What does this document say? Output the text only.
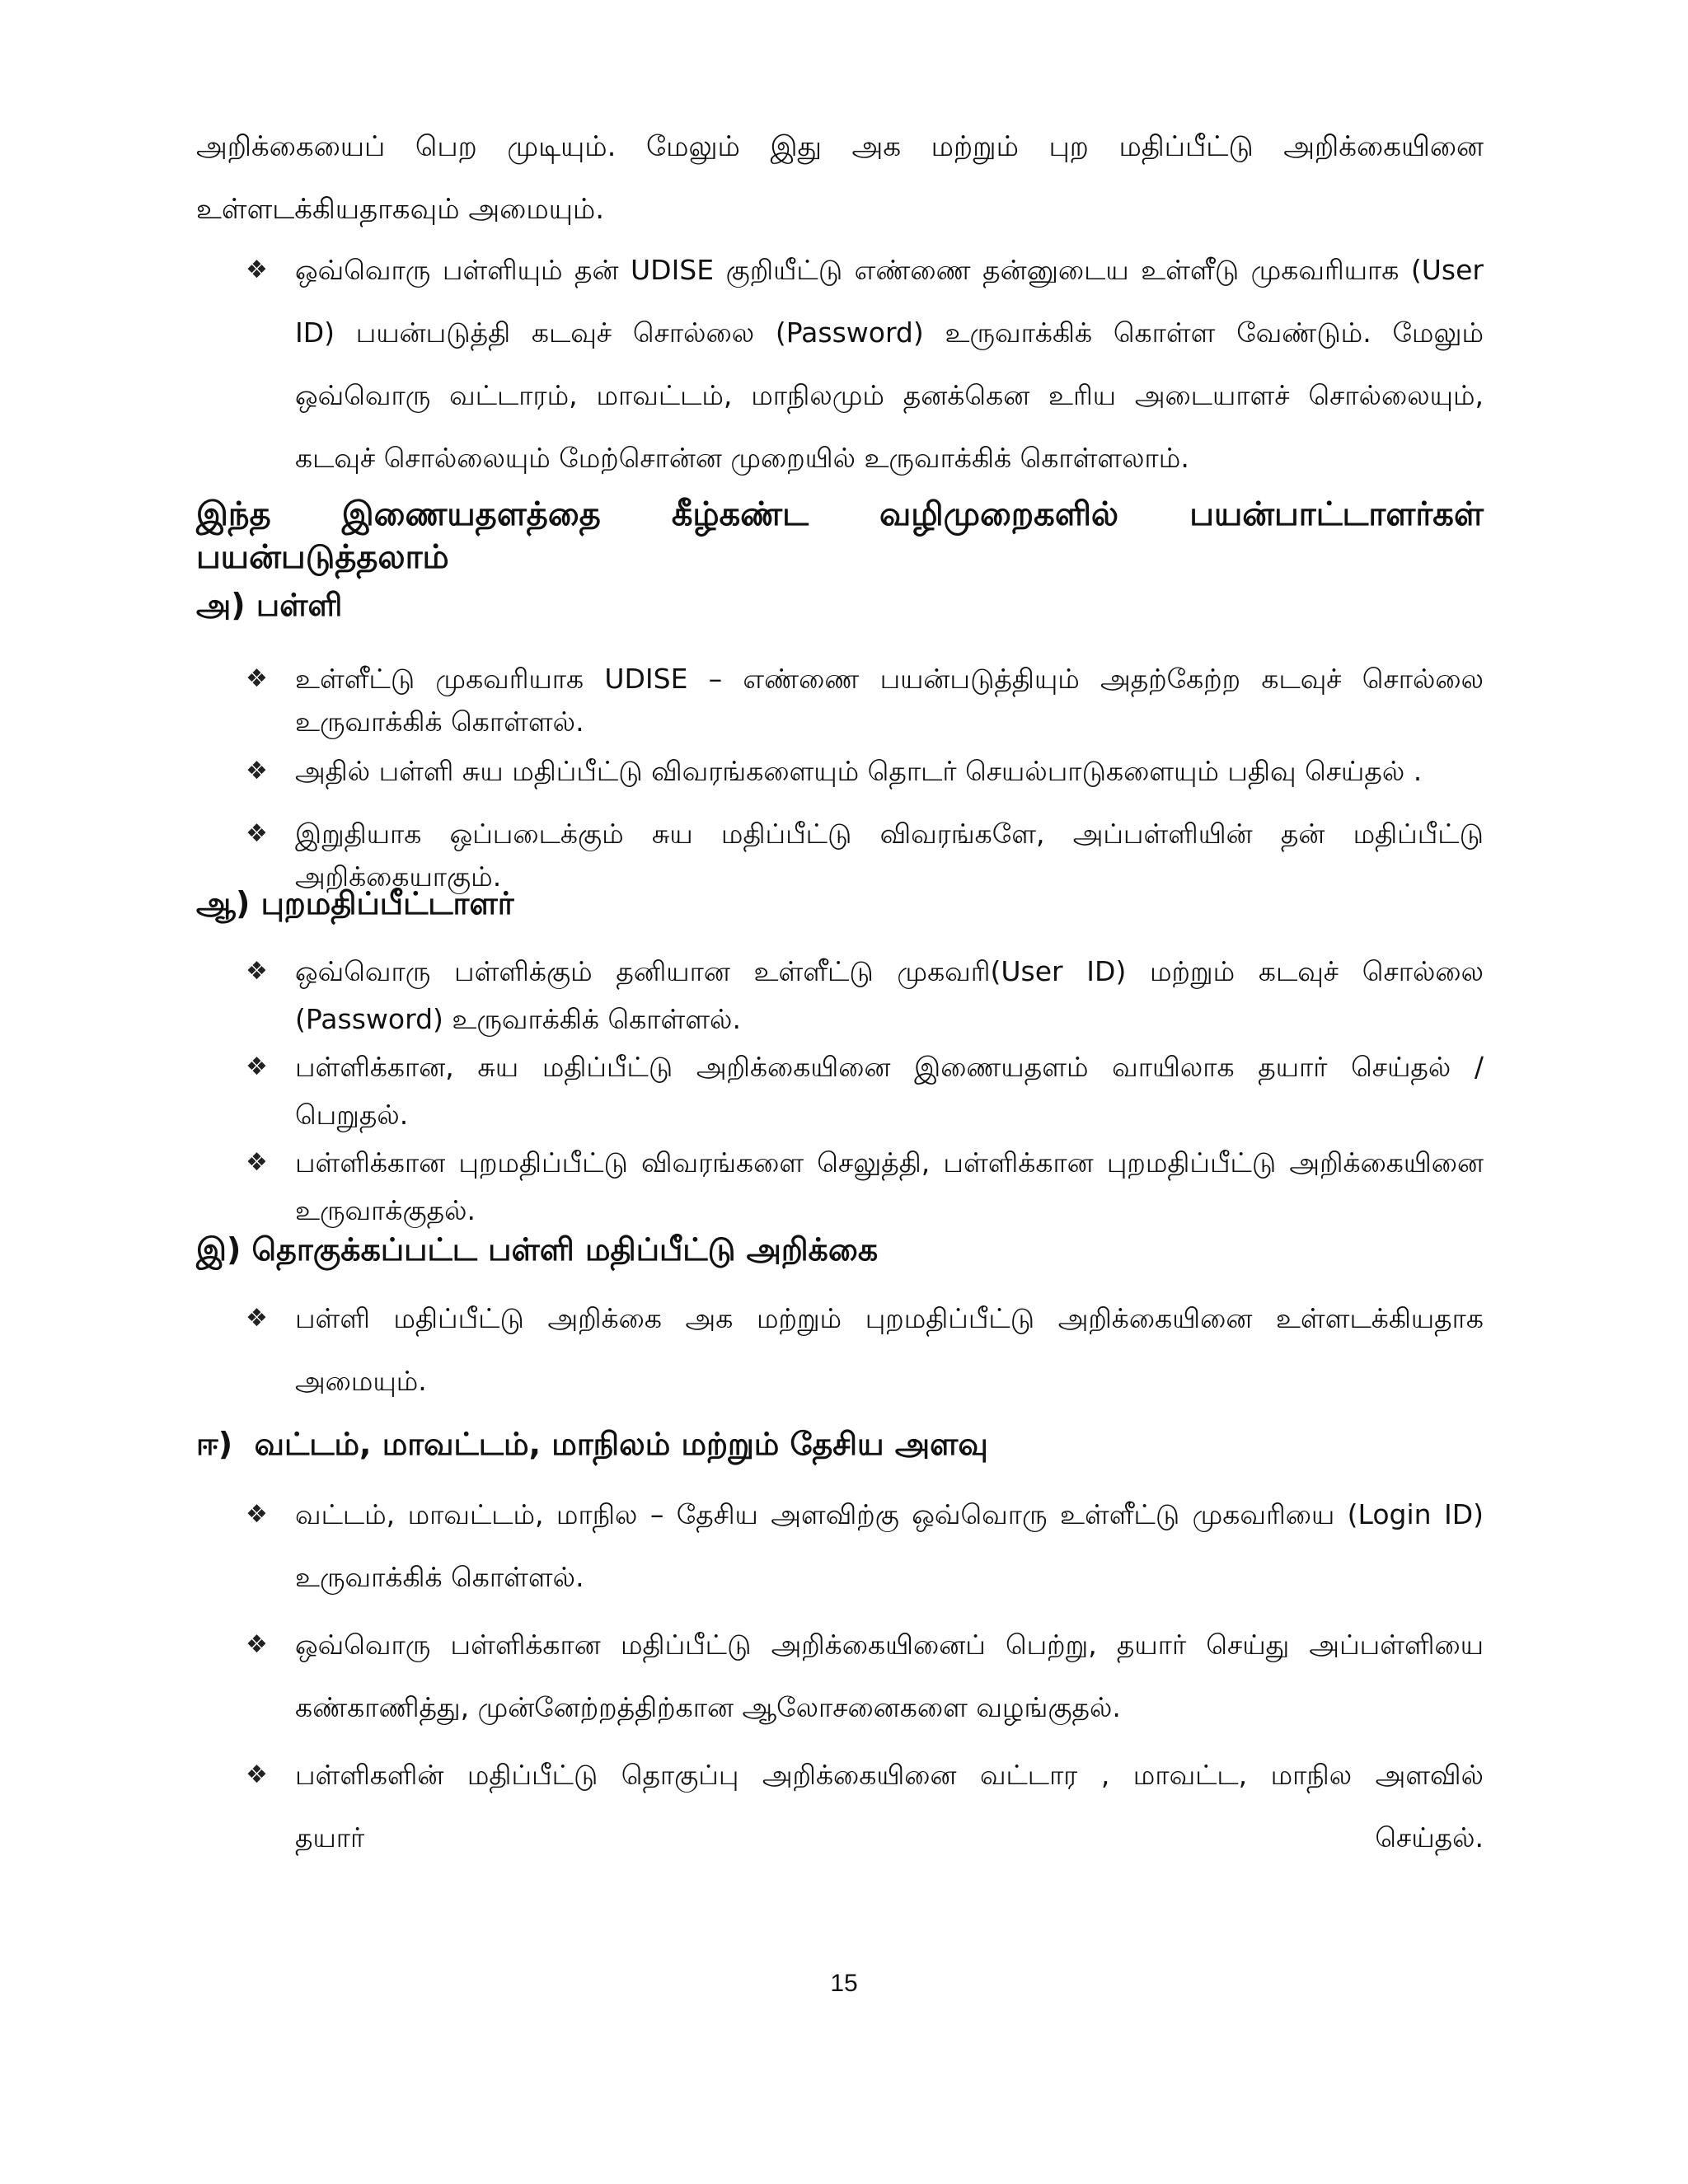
அறிக்கையைப் பெற முடியும். மேலும் இது அக மற்றும் புற மதிப்பீட்டு அறிக்கையினை

உள்ளடக்கியதாகவும் அமையும்.

❖ ஒவ்வொரு பள்ளியும் தன் UDISE குறியீட்டு எண்ணை தன்னுடைய உள்ளீடு முகவரியாக (User ID) பயன்படுத்தி கடவுச் சொல்லை (Password) உருவாக்கிக் கொள்ள வேண்டும். மேலும் ஒவ்வொரு வட்டாரம், மாவட்டம், மாநிலமும் தனக்கென உரிய அடையாளச் சொல்லையும், கடவுச் சொல்லையும் மேற்சொன்ன முறையில் உருவாக்கிக் கொள்ளலாம்.
இந்த இணையதளத்தை கீழ்கண்ட வழிமுறைகளில் பயன்பாட்டாளர்கள்
பயன்படுத்தலாம்
அ) பள்ளி
❖ உள்ளீட்டு முகவரியாக UDISE – எண்ணை பயன்படுத்தியும் அதற்கேற்ற கடவுச் சொல்லை உருவாக்கிக் கொள்ளல்.
❖ அதில் பள்ளி சுய மதிப்பீட்டு விவரங்களையும் தொடர் செயல்பாடுகளையும் பதிவு செய்தல் .
❖ இறுதியாக ஒப்படைக்கும் சுய மதிப்பீட்டு விவரங்களே, அப்பள்ளியின் தன் மதிப்பீட்டு அறிக்கையாகும்.
ஆ) புறமதிப்பீட்டாளர்
❖ ஒவ்வொரு பள்ளிக்கும் தனியான உள்ளீட்டு முகவரி(User ID) மற்றும் கடவுச் சொல்லை (Password) உருவாக்கிக் கொள்ளல்.
❖ பள்ளிக்கான, சுய மதிப்பீட்டு அறிக்கையினை இணையதளம் வாயிலாக தயார் செய்தல் / பெறுதல்.
❖ பள்ளிக்கான புறமதிப்பீட்டு விவரங்களை செலுத்தி, பள்ளிக்கான புறமதிப்பீட்டு அறிக்கையினை உருவாக்குதல்.
இ) தொகுக்கப்பட்ட பள்ளி மதிப்பீட்டு அறிக்கை
❖ பள்ளி மதிப்பீட்டு அறிக்கை அக மற்றும் புறமதிப்பீட்டு அறிக்கையினை உள்ளடக்கியதாக அமையும்.
ஈ)  வட்டம், மாவட்டம், மாநிலம் மற்றும் தேசிய அளவு
❖ வட்டம், மாவட்டம், மாநில – தேசிய அளவிற்கு ஒவ்வொரு உள்ளீட்டு முகவரியை (Login ID) உருவாக்கிக் கொள்ளல்.
❖ ஒவ்வொரு பள்ளிக்கான மதிப்பீட்டு அறிக்கையினைப் பெற்று, தயார் செய்து அப்பள்ளியை கண்காணித்து, முன்னேற்றத்திற்கான ஆலோசனைகளை வழங்குதல்.
❖ பள்ளிகளின் மதிப்பீட்டு தொகுப்பு அறிக்கையினை வட்டார , மாவட்ட, மாநில அளவில்
தயார்	செய்தல்.
15
